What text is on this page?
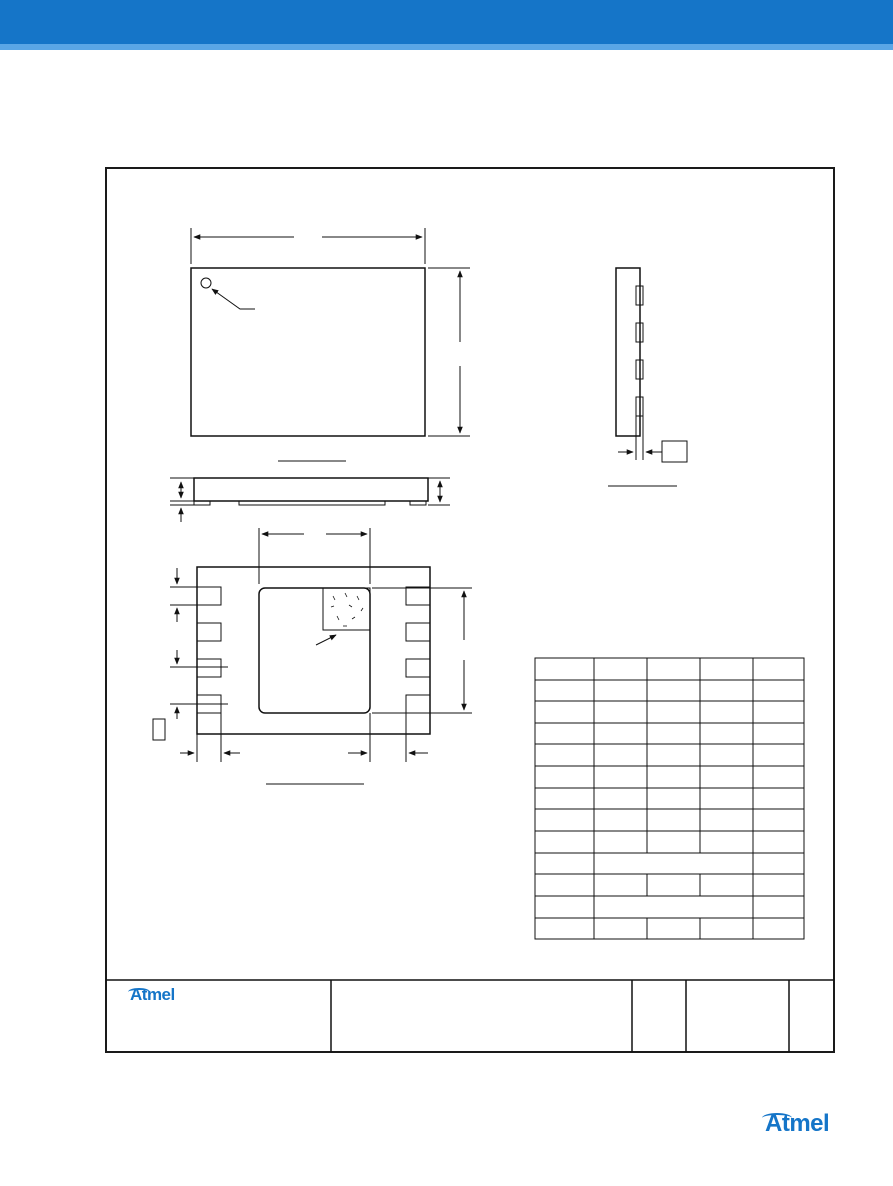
Atmel
Atmel
